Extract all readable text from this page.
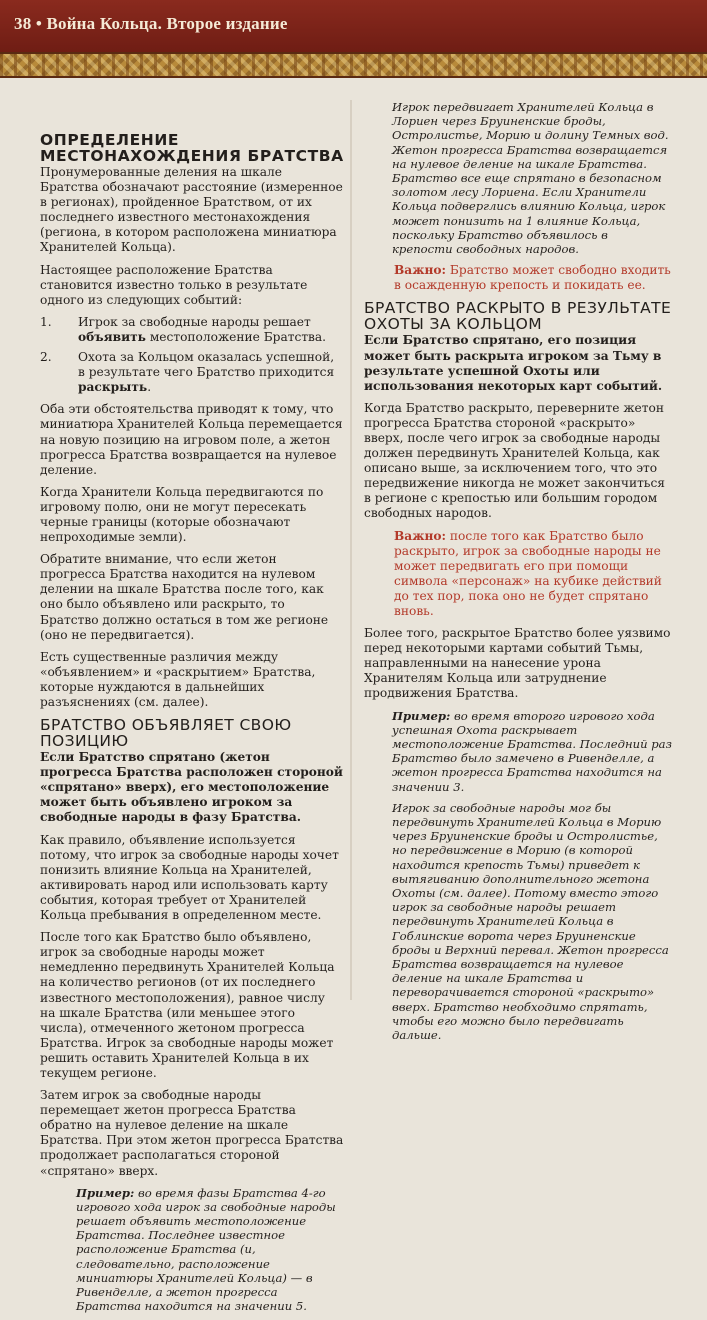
38 • Война Кольца. Второе издание
ОПРЕДЕЛЕНИЕ МЕСТОНАХОЖДЕНИЯ БРАТСТВА

Пронумерованные деления на шкале Братства обозначают расстояние (измеренное в регионах), пройденное Братством, от их последнего известного местонахождения (региона, в котором расположена миниатюра Хранителей Кольца).

Настоящее расположение Братства становится известно только в результате одного из следующих событий:

1. Игрок за свободные народы решает объявить местоположение Братства.
2. Охота за Кольцом оказалась успешной, в результате чего Братство приходится раскрыть.

Оба эти обстоятельства приводят к тому, что миниатюра Хранителей Кольца перемещается на новую позицию на игровом поле, а жетон прогресса Братства возвращается на нулевое деление.

Когда Хранители Кольца передвигаются по игровому полю, они не могут пересекать черные границы (которые обозначают непроходимые земли).

Обратите внимание, что если жетон прогресса Братства находится на нулевом делении на шкале Братства после того, как оно было объявлено или раскрыто, то Братство должно остаться в том же регионе (оно не передвигается).

Есть существенные различия между «объявлением» и «раскрытием» Братства, которые нуждаются в дальнейших разъяснениях (см. далее).

БРАТСТВО ОБЪЯВЛЯЕТ СВОЮ ПОЗИЦИЮ

Если Братство спрятано (жетон прогресса Братства расположен стороной «спрятано» вверх), его местоположение может быть объявлено игроком за свободные народы в фазу Братства.

Как правило, объявление используется потому, что игрок за свободные народы хочет понизить влияние Кольца на Хранителей, активировать народ или использовать карту события, которая требует от Хранителей Кольца пребывания в определенном месте.

После того как Братство было объявлено, игрок за свободные народы может немедленно передвинуть Хранителей Кольца на количество регионов (от их последнего известного местоположения), равное числу на шкале Братства (или меньшее этого числа), отмеченного жетоном прогресса Братства. Игрок за свободные народы может решить оставить Хранителей Кольца в их текущем регионе.

Затем игрок за свободные народы перемещает жетон прогресса Братства обратно на нулевое деление на шкале Братства. При этом жетон прогресса Братства продолжает располагаться стороной «спрятано» вверх.

Пример: во время фазы Братства 4-го игрового хода игрок за свободные народы решает объявить местоположение Братства. Последнее известное расположение Братства (и, следовательно, расположение миниатюры Хранителей Кольца) — в Ривенделле, а жетон прогресса Братства находится на значении 5.
Игрок передвигает Хранителей Кольца в Лориен через Бруиненские броды, Остролистье, Морию и долину Темных вод. Жетон прогресса Братства возвращается на нулевое деление на шкале Братства. Братство все еще спрятано в безопасном золотом лесу Лориена. Если Хранители Кольца подверглись влиянию Кольца, игрок может понизить на 1 влияние Кольца, поскольку Братство объявилось в крепости свободных народов.

Важно: Братство может свободно входить в осажденную крепость и покидать ее.

БРАТСТВО РАСКРЫТО В РЕЗУЛЬТАТЕ ОХОТЫ ЗА КОЛЬЦОМ

Если Братство спрятано, его позиция может быть раскрыта игроком за Тьму в результате успешной Охоты или использования некоторых карт событий.

Когда Братство раскрыто, переверните жетон прогресса Братства стороной «раскрыто» вверх, после чего игрок за свободные народы должен передвинуть Хранителей Кольца, как описано выше, за исключением того, что это передвижение никогда не может закончиться в регионе с крепостью или большим городом свободных народов.

Важно: после того как Братство было раскрыто, игрок за свободные народы не может передвигать его при помощи символа «персонаж» на кубике действий до тех пор, пока оно не будет спрятано вновь.

Более того, раскрытое Братство более уязвимо перед некоторыми картами событий Тьмы, направленными на нанесение урона Хранителям Кольца или затруднение продвижения Братства.

Пример: во время второго игрового хода успешная Охота раскрывает местоположение Братства. Последний раз Братство было замечено в Ривенделле, а жетон прогресса Братства находится на значении 3.
Игрок за свободные народы мог бы передвинуть Хранителей Кольца в Морию через Бруиненские броды и Остролистье, но передвижение в Морию (в которой находится крепость Тьмы) приведет к вытягиванию дополнительного жетона Охоты (см. далее). Потому вместо этого игрок за свободные народы решает передвинуть Хранителей Кольца в Гоблинские ворота через Бруиненские броды и Верхний перевал. Жетон прогресса Братства возвращается на нулевое деление на шкале Братства и переворачивается стороной «раскрыто» вверх. Братство необходимо спрятать, чтобы его можно было передвигать дальше.
